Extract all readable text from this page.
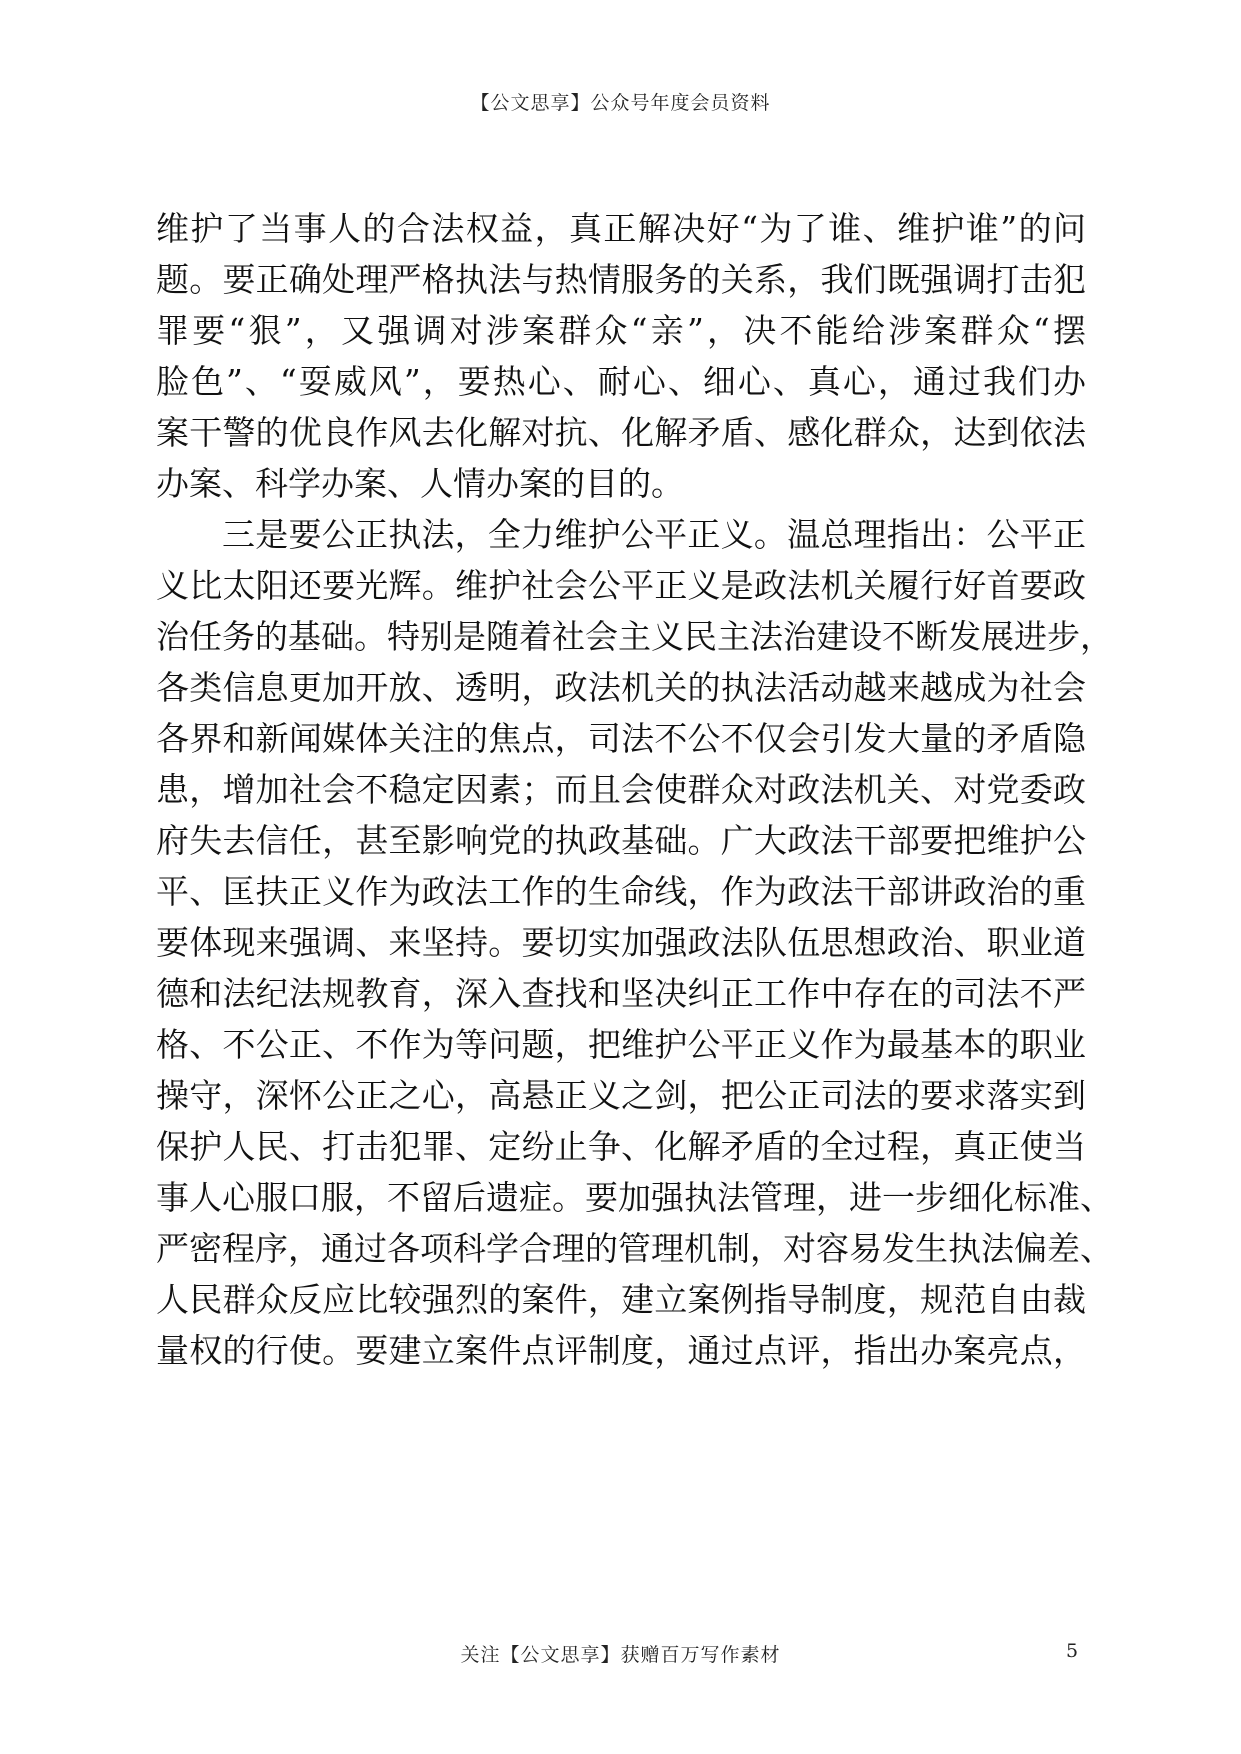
【公文思享】公众号年度会员资料
维护了当事人的合法权益，真正解决好“为了谁、维护谁”的问
题。要正确处理严格执法与热情服务的关系，我们既强调打击犯
罪要“狠”，又强调对涉案群众“亲”，决不能给涉案群众“摆
脸色”、“耍威风”，要热心、耐心、细心、真心，通过我们办
案干警的优良作风去化解对抗、化解矛盾、感化群众，达到依法
办案、科学办案、人情办案的目的。
三是要公正执法，全力维护公平正义。温总理指出：公平正
义比太阳还要光辉。维护社会公平正义是政法机关履行好首要政
治任务的基础。特别是随着社会主义民主法治建设不断发展进步，
各类信息更加开放、透明，政法机关的执法活动越来越成为社会
各界和新闻媒体关注的焦点，司法不公不仅会引发大量的矛盾隐
患，增加社会不稳定因素；而且会使群众对政法机关、对党委政
府失去信任，甚至影响党的执政基础。广大政法干部要把维护公
平、匡扶正义作为政法工作的生命线，作为政法干部讲政治的重
要体现来强调、来坚持。要切实加强政法队伍思想政治、职业道
德和法纪法规教育，深入查找和坚决纠正工作中存在的司法不严
格、不公正、不作为等问题，把维护公平正义作为最基本的职业
操守，深怀公正之心，高悬正义之剑，把公正司法的要求落实到
保护人民、打击犯罪、定纷止争、化解矛盾的全过程，真正使当
事人心服口服，不留后遗症。要加强执法管理，进一步细化标准、
严密程序，通过各项科学合理的管理机制，对容易发生执法偏差、
人民群众反应比较强烈的案件，建立案例指导制度，规范自由裁
量权的行使。要建立案件点评制度，通过点评，指出办案亮点，
关注【公文思享】获赠百万写作素材	5
